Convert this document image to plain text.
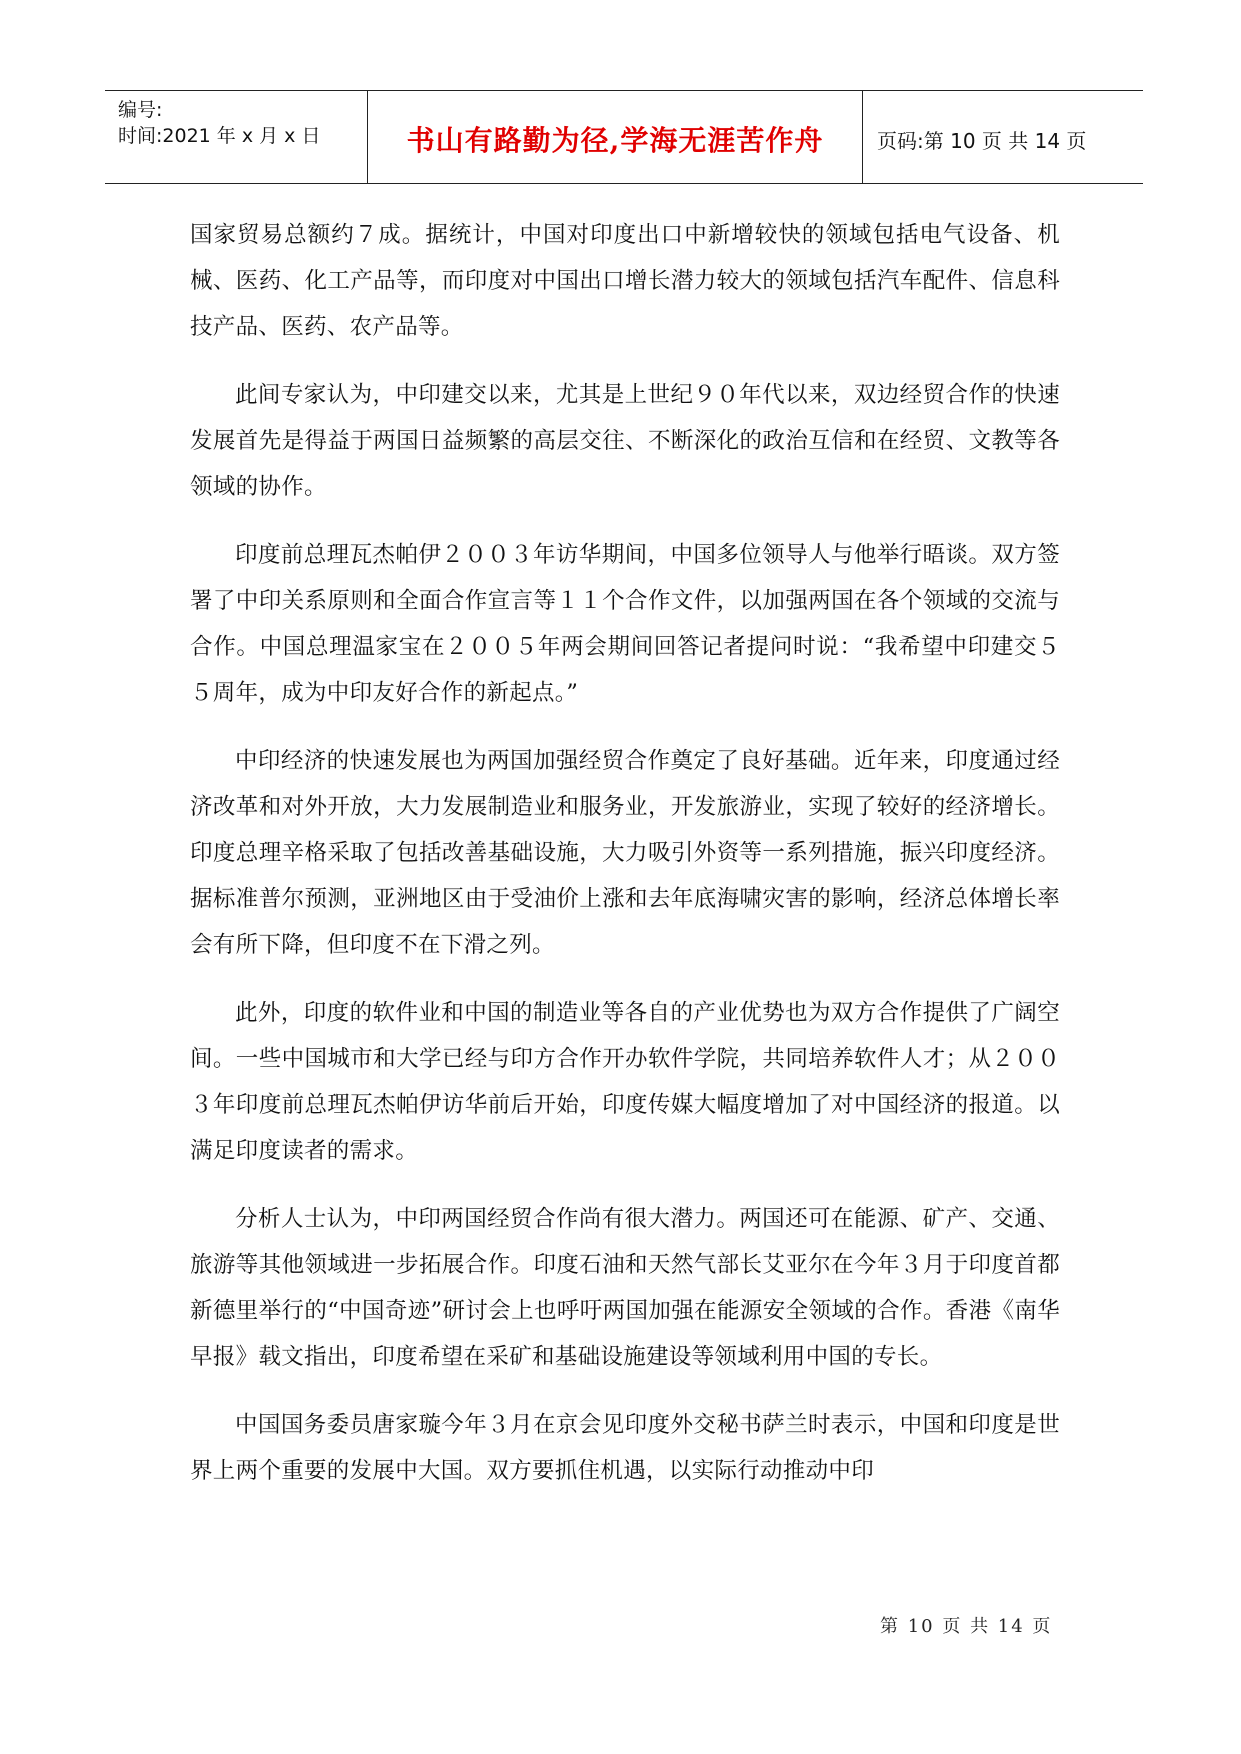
编号:
时间:2021 年 x 月 x 日	书山有路勤为径,学海无涯苦作舟	页码:第 10 页 共 14 页

国家贸易总额约７成。据统计，中国对印度出口中新增较快的领域包括电气设备、机械、医药、化工产品等，而印度对中国出口增长潜力较大的领域包括汽车配件、信息科技产品、医药、农产品等。

此间专家认为，中印建交以来，尤其是上世纪９０年代以来，双边经贸合作的快速发展首先是得益于两国日益频繁的高层交往、不断深化的政治互信和在经贸、文教等各领域的协作。

印度前总理瓦杰帕伊２００３年访华期间，中国多位领导人与他举行晤谈。双方签署了中印关系原则和全面合作宣言等１１个合作文件，以加强两国在各个领域的交流与合作。中国总理温家宝在２００５年两会期间回答记者提问时说：“我希望中印建交５５周年，成为中印友好合作的新起点。”

中印经济的快速发展也为两国加强经贸合作奠定了良好基础。近年来，印度通过经济改革和对外开放，大力发展制造业和服务业，开发旅游业，实现了较好的经济增长。印度总理辛格采取了包括改善基础设施，大力吸引外资等一系列措施，振兴印度经济。据标准普尔预测，亚洲地区由于受油价上涨和去年底海啸灾害的影响，经济总体增长率会有所下降，但印度不在下滑之列。

此外，印度的软件业和中国的制造业等各自的产业优势也为双方合作提供了广阔空间。一些中国城市和大学已经与印方合作开办软件学院，共同培养软件人才；从２００３年印度前总理瓦杰帕伊访华前后开始，印度传媒大幅度增加了对中国经济的报道。以满足印度读者的需求。

分析人士认为，中印两国经贸合作尚有很大潜力。两国还可在能源、矿产、交通、旅游等其他领域进一步拓展合作。印度石油和天然气部长艾亚尔在今年３月于印度首都新德里举行的“中国奇迹”研讨会上也呼吁两国加强在能源安全领域的合作。香港《南华早报》载文指出，印度希望在采矿和基础设施建设等领域利用中国的专长。

中国国务委员唐家璇今年３月在京会见印度外交秘书萨兰时表示，中国和印度是世界上两个重要的发展中大国。双方要抓住机遇，以实际行动推动中印

第 10 页 共 14 页
